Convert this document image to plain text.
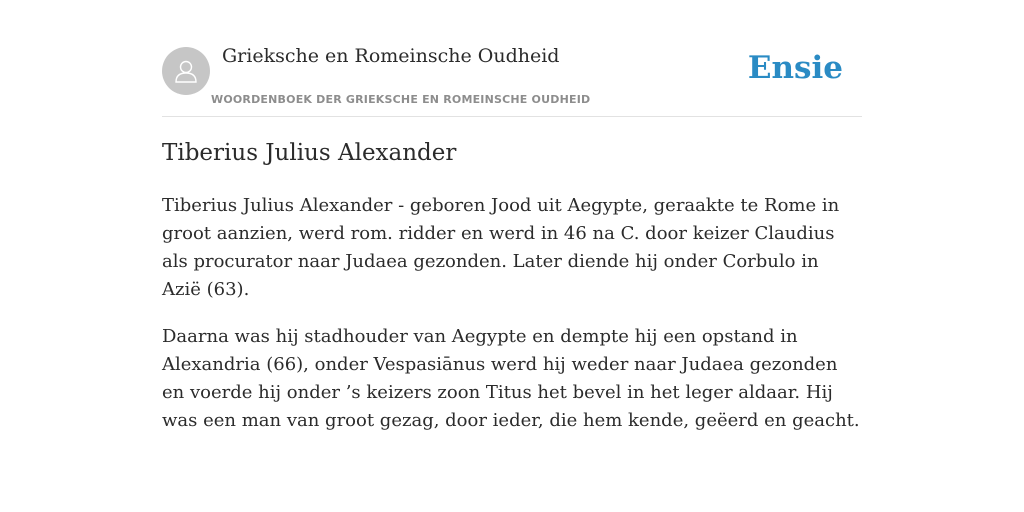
Grieksche en Romeinsche Oudheid
WOORDENBOEK DER GRIEKSCHE EN ROMEINSCHE OUDHEID
Ensie
Tiberius Julius Alexander

Tiberius Julius Alexander - geboren Jood uit Aegypte, geraakte te Rome in groot aanzien, werd rom. ridder en werd in 46 na C. door keizer Claudius als procurator naar Judaea gezonden. Later diende hij onder Corbulo in Azië (63).

Daarna was hij stadhouder van Aegypte en dempte hij een opstand in Alexandria (66), onder Vespasiānus werd hij weder naar Judaea gezonden en voerde hij onder ’s keizers zoon Titus het bevel in het leger aldaar. Hij was een man van groot gezag, door ieder, die hem kende, geëerd en geacht.
